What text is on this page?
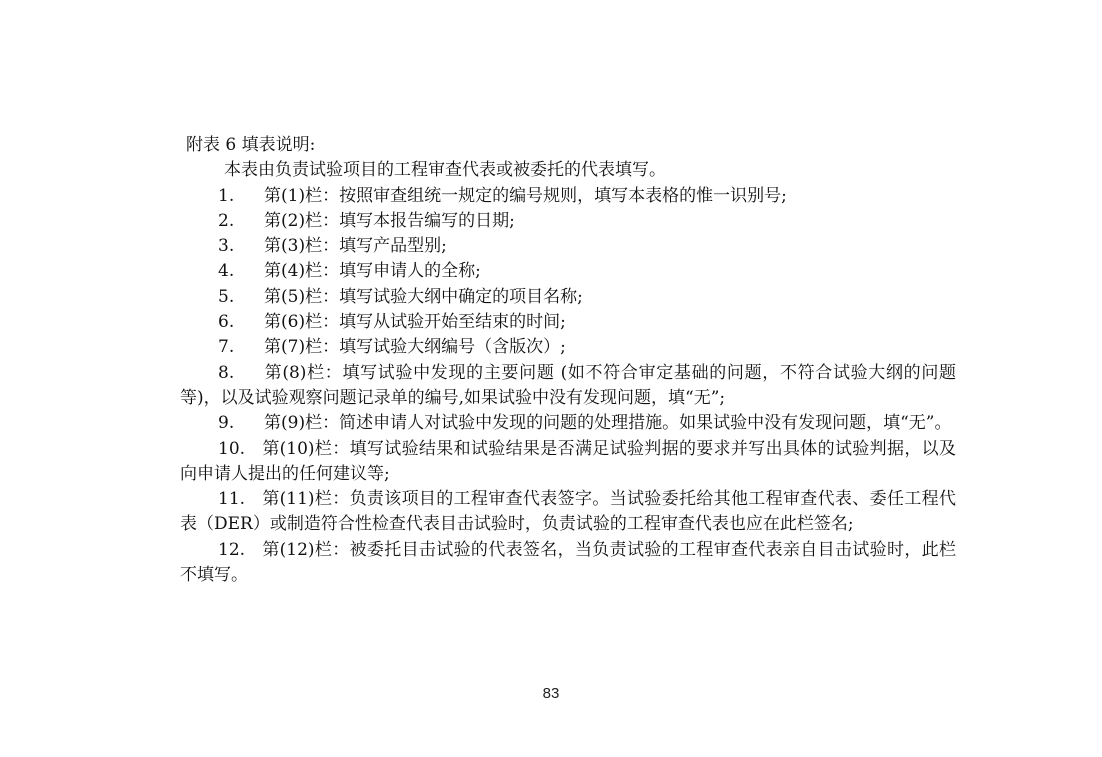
附表 6 填表说明:
本表由负责试验项目的工程审查代表或被委托的代表填写。
1. 第(1)栏：按照审查组统一规定的编号规则，填写本表格的惟一识别号;
2. 第(2)栏：填写本报告编写的日期;
3. 第(3)栏：填写产品型别;
4. 第(4)栏：填写申请人的全称;
5. 第(5)栏：填写试验大纲中确定的项目名称;
6. 第(6)栏：填写从试验开始至结束的时间;
7. 第(7)栏：填写试验大纲编号（含版次）;
8. 第(8)栏：填写试验中发现的主要问题 (如不符合审定基础的问题，不符合试验大纲的问题等)，以及试验观察问题记录单的编号,如果试验中没有发现问题，填“无”;
9. 第(9)栏：简述申请人对试验中发现的问题的处理措施。如果试验中没有发现问题，填“无”。
10. 第(10)栏：填写试验结果和试验结果是否满足试验判据的要求并写出具体的试验判据，以及向申请人提出的任何建议等;
11. 第(11)栏：负责该项目的工程审查代表签字。当试验委托给其他工程审查代表、委任工程代表（DER）或制造符合性检查代表目击试验时，负责试验的工程审查代表也应在此栏签名;
12. 第(12)栏：被委托目击试验的代表签名，当负责试验的工程审查代表亲自目击试验时，此栏不填写。
83
